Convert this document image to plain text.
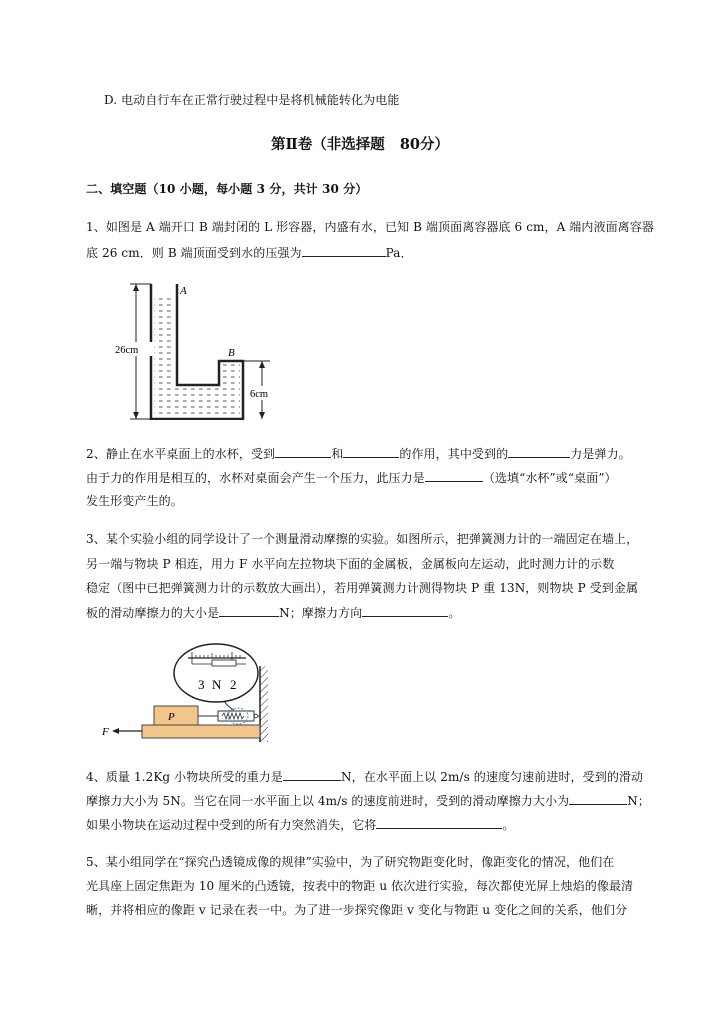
D. 电动自行车在正常行驶过程中是将机械能转化为电能
第Ⅱ卷（非选择题   80分）
二、填空题（10 小题，每小题 3 分，共计 30 分）
1、如图是 A 端开口 B 端封闭的 L 形容器，内盛有水，已知 B 端顶面离容器底 6 cm，A 端内液面离容器
底 26 cm．则 B 端顶面受到水的压强为	Pa．
A
B
26cm
6cm
2、静止在水平桌面上的水杯，受到	和	的作用，其中受到的	力是弹力。
由于力的作用是相互的，水杯对桌面会产生一个压力，此压力是	（选填“水杯”或“桌面”）
发生形变产生的。
3、某个实验小组的同学设计了一个测量滑动摩擦的实验。如图所示，把弹簧测力计的一端固定在墙上，
另一端与物块 P 相连，用力 F 水平向左拉物块下面的金属板，金属板向左运动，此时测力计的示数
稳定（图中已把弹簧测力计的示数放大画出），若用弹簧测力计测得物块 P 重 13N，则物块 P 受到金属
板的滑动摩擦力的大小是	N；摩擦力方向	。
3 N 2
P
F
4、质量 1.2Kg 小物块所受的重力是	N，在水平面上以 2m/s 的速度匀速前进时，受到的滑动
摩擦力大小为 5N。当它在同一水平面上以 4m/s 的速度前进时，受到的滑动摩擦力大小为	N；
如果小物块在运动过程中受到的所有力突然消失，它将	。
5、某小组同学在“探究凸透镜成像的规律”实验中，为了研究物距变化时，像距变化的情况，他们在
光具座上固定焦距为 10 厘米的凸透镜，按表中的物距 u 依次进行实验，每次都使光屏上烛焰的像最清
晰，并将相应的像距 v 记录在表一中。为了进一步探究像距 v 变化与物距 u 变化之间的关系，他们分
